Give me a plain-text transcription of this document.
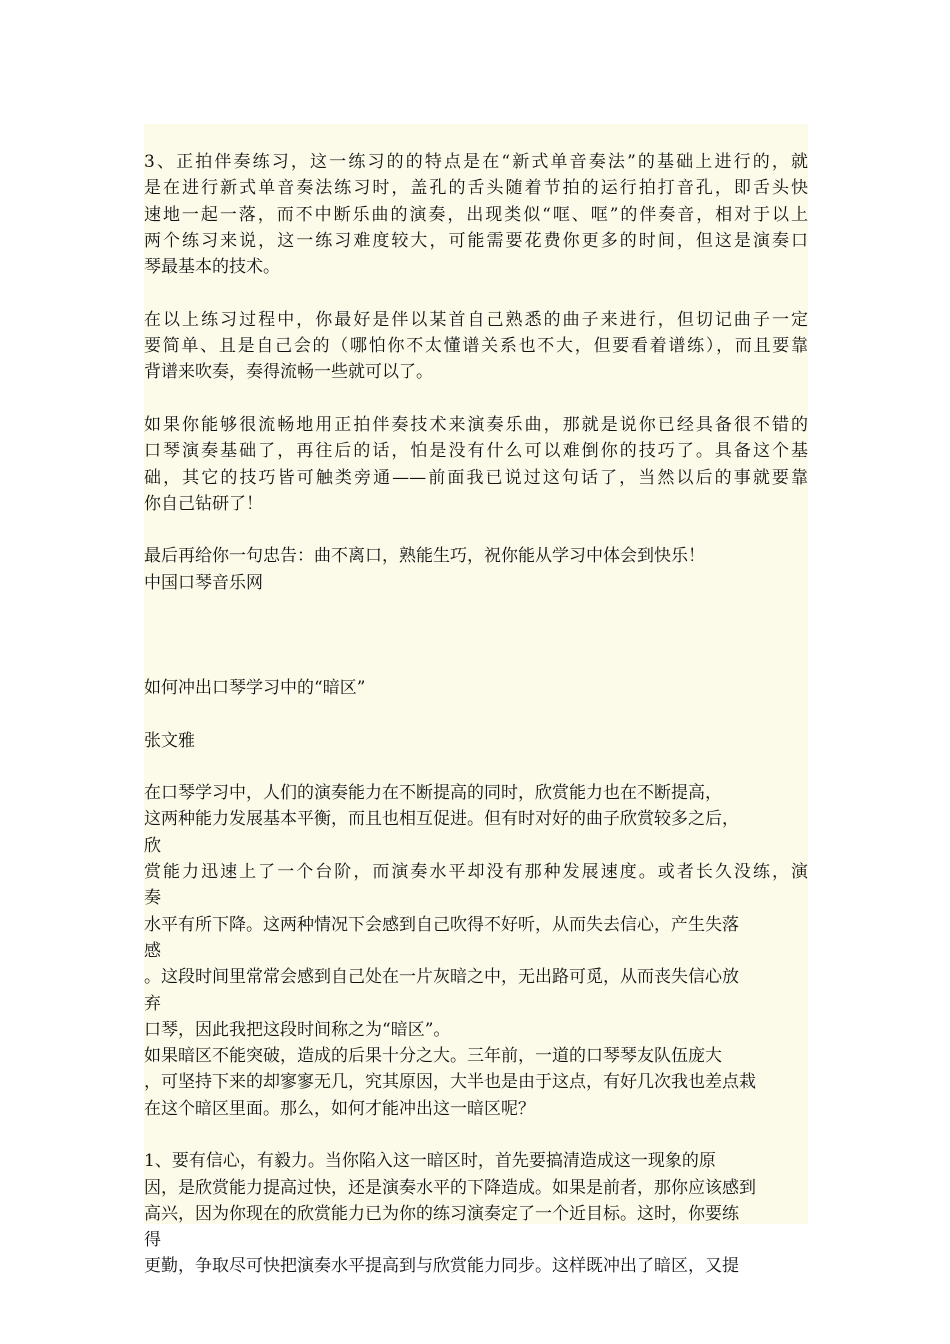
3、正拍伴奏练习，这一练习的的特点是在“新式单音奏法”的基础上进行的，就
是在进行新式单音奏法练习时，盖孔的舌头随着节拍的运行拍打音孔，即舌头快
速地一起一落，而不中断乐曲的演奏，出现类似“哐、哐”的伴奏音，相对于以上
两个练习来说，这一练习难度较大，可能需要花费你更多的时间，但这是演奏口
琴最基本的技术。
在以上练习过程中，你最好是伴以某首自己熟悉的曲子来进行，但切记曲子一定
要简单、且是自己会的（哪怕你不太懂谱关系也不大，但要看着谱练），而且要靠
背谱来吹奏，奏得流畅一些就可以了。
如果你能够很流畅地用正拍伴奏技术来演奏乐曲，那就是说你已经具备很不错的
口琴演奏基础了，再往后的话，怕是没有什么可以难倒你的技巧了。具备这个基
础，其它的技巧皆可触类旁通——前面我已说过这句话了，当然以后的事就要靠
你自己钻研了！
最后再给你一句忠告：曲不离口，熟能生巧，祝你能从学习中体会到快乐！
中国口琴音乐网
如何冲出口琴学习中的“暗区”
张文雅
在口琴学习中，人们的演奏能力在不断提高的同时，欣赏能力也在不断提高，
这两种能力发展基本平衡，而且也相互促进。但有时对好的曲子欣赏较多之后，
欣
赏能力迅速上了一个台阶，而演奏水平却没有那种发展速度。或者长久没练，演
奏
水平有所下降。这两种情况下会感到自己吹得不好听，从而失去信心，产生失落
感
。这段时间里常常会感到自己处在一片灰暗之中，无出路可觅，从而丧失信心放
弃
口琴，因此我把这段时间称之为“暗区”。
如果暗区不能突破，造成的后果十分之大。三年前，一道的口琴琴友队伍庞大
，可坚持下来的却寥寥无几，究其原因，大半也是由于这点，有好几次我也差点栽
在这个暗区里面。那么，如何才能冲出这一暗区呢？
1、要有信心，有毅力。当你陷入这一暗区时，首先要搞清造成这一现象的原
因，是欣赏能力提高过快，还是演奏水平的下降造成。如果是前者，那你应该感到
高兴，因为你现在的欣赏能力已为你的练习演奏定了一个近目标。这时，你要练
得
更勤，争取尽可快把演奏水平提高到与欣赏能力同步。这样既冲出了暗区，又提
